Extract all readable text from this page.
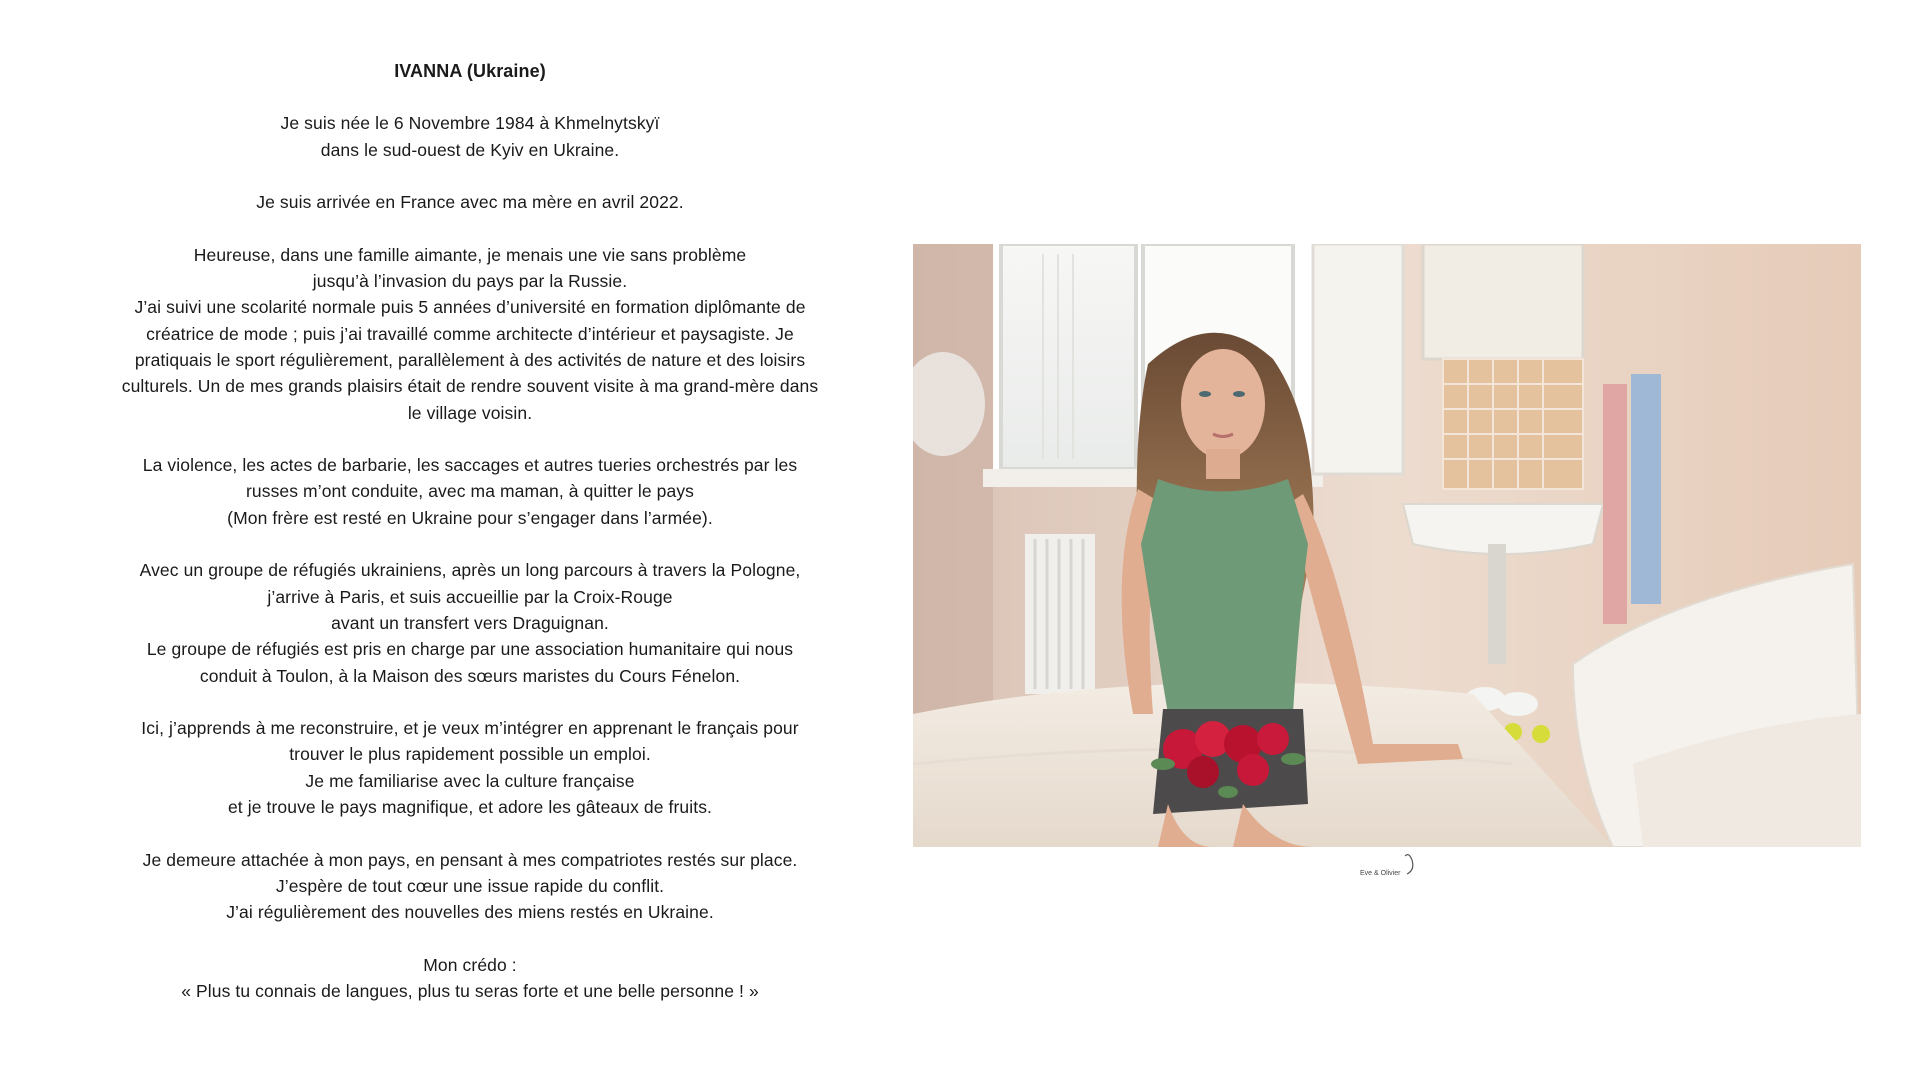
IVANNA (Ukraine)
Je suis née le 6 Novembre 1984 à Khmelnytskyï
dans le sud-ouest de Kyiv en Ukraine.
Je suis arrivée en France avec ma mère en avril 2022.
Heureuse, dans une famille aimante, je menais une vie sans problème
jusqu’à l’invasion du pays par la Russie.
J’ai suivi une scolarité normale puis 5 années d’université en formation diplômante de
créatrice de mode ; puis j’ai travaillé comme architecte d’intérieur et paysagiste. Je
pratiquais le sport régulièrement, parallèlement à des activités de nature et des loisirs
culturels. Un de mes grands plaisirs était de rendre souvent visite à ma grand-mère dans
le village voisin.
La violence, les actes de barbarie, les saccages et autres tueries orchestrés par les
russes m’ont conduite, avec ma maman, à quitter le pays
(Mon frère est resté en Ukraine pour s’engager dans l’armée).
Avec un groupe de réfugiés ukrainiens, après un long parcours à travers la Pologne,
j’arrive à Paris, et suis accueillie par la Croix-Rouge
avant un transfert vers Draguignan.
Le groupe de réfugiés est pris en charge par une association humanitaire qui nous
conduit à Toulon, à la Maison des sœurs maristes du Cours Fénelon.
Ici, j’apprends à me reconstruire, et je veux m’intégrer en apprenant le français pour
trouver le plus rapidement possible un emploi.
Je me familiarise avec la culture française
et je trouve le pays magnifique, et adore les gâteaux de fruits.
Je demeure attachée à mon pays, en pensant à mes compatriotes restés sur place.
J’espère de tout cœur une issue rapide du conflit.
J’ai régulièrement des nouvelles des miens restés en Ukraine.
Mon crédo :
« Plus tu connais de langues, plus tu seras forte et une belle personne ! »
Eve & Olivier
